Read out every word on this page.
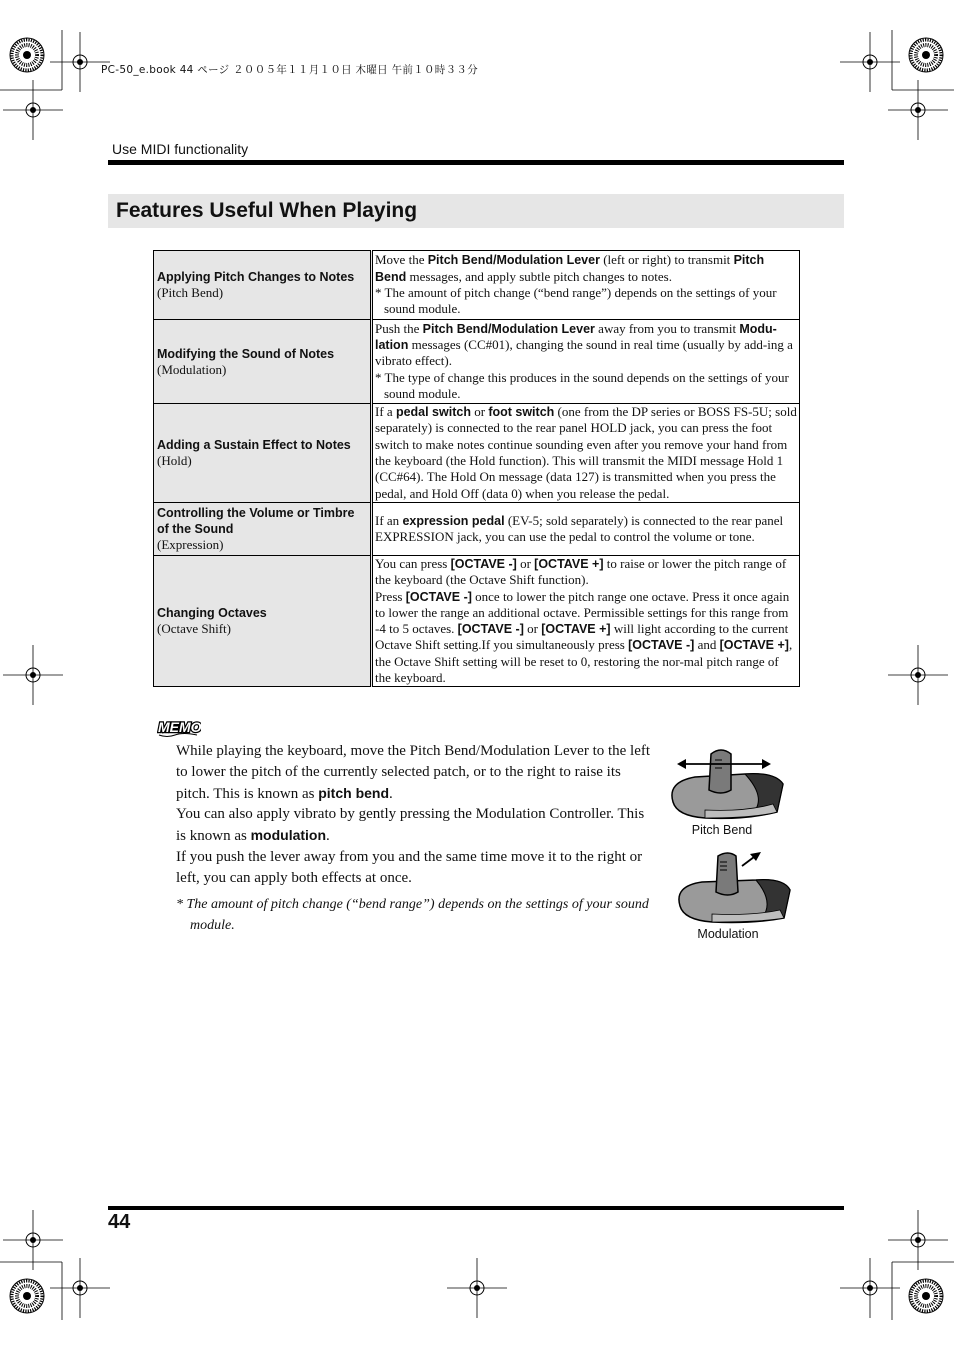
PC-50_e.book 44 ページ ２００５年１１月１０日 木曜日 午前１０時３３分
Use MIDI functionality
Features Useful When Playing
Applying Pitch Changes to Notes
(Pitch Bend)	Move the Pitch Bend/Modulation Lever (left or right) to transmit Pitch Bend messages, and apply subtle pitch changes to notes.
* The amount of pitch change (“bend range”) depends on the settings of your sound module.

Modifying the Sound of Notes
(Modulation)	Push the Pitch Bend/Modulation Lever away from you to transmit Modu-lation messages (CC#01), changing the sound in real time (usually by add-ing a vibrato effect).
* The type of change this produces in the sound depends on the settings of your sound module.

Adding a Sustain Effect to Notes
(Hold)	If a pedal switch or foot switch (one from the DP series or BOSS FS-5U; sold separately) is connected to the rear panel HOLD jack, you can press the foot switch to make notes continue sounding even after you remove your hand from the keyboard (the Hold function). This will transmit the MIDI message Hold 1 (CC#64). The Hold On message (data 127) is transmitted when you press the pedal, and Hold Off (data 0) when you release the pedal.

Controlling the Volume or Timbre of the Sound
(Expression)	If an expression pedal (EV-5; sold separately) is connected to the rear panel EXPRESSION jack, you can use the pedal to control the volume or tone.

Changing Octaves
(Octave Shift)	You can press [OCTAVE -] or [OCTAVE +] to raise or lower the pitch range of the keyboard (the Octave Shift function).
Press [OCTAVE -] once to lower the pitch range one octave. Press it once again to lower the range an additional octave. Permissible settings for this range from -4 to 5 octaves. [OCTAVE -] or [OCTAVE +] will light according to the current Octave Shift setting.If you simultaneously press [OCTAVE -] and [OCTAVE +], the Octave Shift setting will be reset to 0, restoring the nor-mal pitch range of the keyboard.
MEMO

While playing the keyboard, move the Pitch Bend/Modulation Lever to the left to lower the pitch of the currently selected patch, or to the right to raise its pitch. This is known as pitch bend.

You can also apply vibrato by gently pressing the Modulation Controller. This is known as modulation.

If you push the lever away from you and the same time move it to the right or left, you can apply both effects at once.

* The amount of pitch change (“bend range”) depends on the settings of your sound module.
Pitch Bend
Modulation
44
